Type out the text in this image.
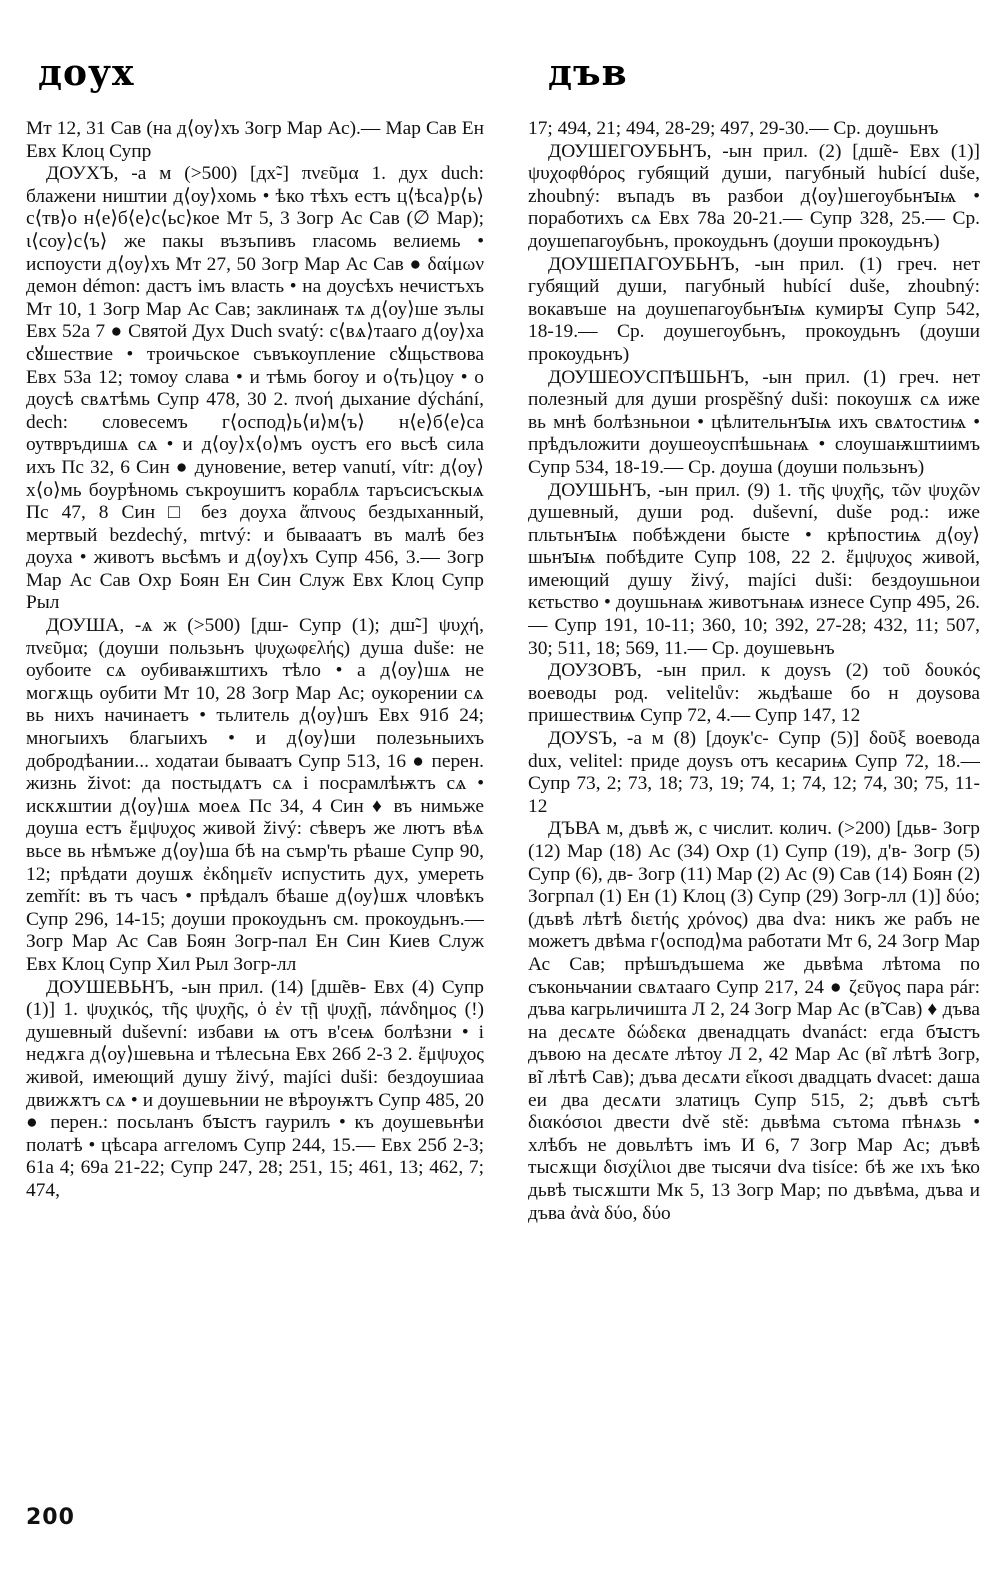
доух	дъв

Мт 12, 31 Сав (на д⟨оу⟩хъ Зогр Мар Ас).— Мар Сав Ен Евх Клоц Супр

ДОУХЪ, -а м (>500) [дх̃-] πνεῦμα 1. дух duch: блажени ништии д⟨оу⟩хомь • ѣко тѣхъ естъ ц⟨ѣса⟩р⟨ь⟩с⟨тв⟩о н⟨е⟩б⟨е⟩с⟨ьс⟩кое Мт 5, 3 Зогр Ас Сав (∅ Мар); ι⟨соу⟩с⟨ъ⟩ же пакы възъпивъ гласомь велиемь • испоусти д⟨оу⟩хъ Мт 27, 50 Зогр Мар Ас Сав ● δαίμων демон démon: дастъ імъ власть • на доусѣхъ нечистъхъ Мт 10, 1 Зогр Мар Ас Сав; заклинаѭ тѧ д⟨оу⟩ше зълы Евх 52а 7 ● Святой Дух Duch svatý: с⟨вѧ⟩тааго д⟨оу⟩ха сꙋшествие • троичьское съвъкоупление сꙋщьствова Евх 53а 12; томоу слава • и тѣмь богоу и о⟨ть⟩цоу • о доусѣ свѧтѣмь Супр 478, 30 2. πνοή дыхание dýchání, dech: словесемъ г⟨оспод⟩ь⟨и⟩м⟨ъ⟩ н⟨е⟩б⟨е⟩са оутвръдишѧ сѧ • и д⟨оу⟩х⟨о⟩мъ оустъ его вьсѣ сила ихъ Пс 32, 6 Син ● дуновение, ветер vanutí, vítr: д⟨оу⟩х⟨о⟩мь боурѣномь съкроушитъ кораблѧ таръсисъскыѧ Пс 47, 8 Син □ без доуха ἄπνους бездыханный, мертвый bezdechý, mrtvý: и бывааатъ въ малѣ без доуха • животъ вьсѣмъ и д⟨оу⟩хъ Супр 456, 3.— Зогр Мар Ас Сав Охр Боян Ен Син Служ Евх Клоц Супр Рыл

ДОУША, -ѧ ж (>500) [дш- Супр (1); дш̃-] ψυχή, πνεῦμα; (доуши пользьнъ ψυχωφελής) душа duše: не оубоите сѧ оубиваѭштихъ тѣло • а д⟨оу⟩шѧ не могѫщь оубити Мт 10, 28 Зогр Мар Ас; оукорении сѧ вь нихъ начинаетъ • тьлитель д⟨оу⟩шъ Евх 91б 24; многыихъ благыихъ • и д⟨оу⟩ши полезьныихъ добродѣании... ходатаи бываатъ Супр 513, 16 ● перен. жизнь život: да постыдѧтъ сѧ і посрамлѣѭтъ сѧ • искѫштии д⟨оу⟩шѧ моеѧ Пс 34, 4 Син ♦ въ нимьже доуша естъ ἔμψυχος живой živý: сѣверъ же лютъ вѣѧ вьсе вь нѣмъже д⟨оу⟩ша бѣ на съмр'ть рѣаше Супр 90, 12; прѣдати доушѫ ἐκδημεῖν испустить дух, умереть zemřít: въ тъ часъ • прѣдалъ бѣаше д⟨оу⟩шѫ чловѣкъ Супр 296, 14-15; доуши прокоудьнъ см. прокоудьнъ.— Зогр Мар Ас Сав Боян Зогр-пал Ен Син Киев Служ Евх Клоц Супр Хил Рыл Зогр-лл

ДОУШЕВЬНЪ, -ын прил. (14) [дш̃ев- Евх (4) Супр (1)] 1. ψυχικός, τῆς ψυχῆς, ὁ ἐν τῇ ψυχῇ, πάνδημος (!) душевный duševní: избави ѩ отъ в'сеѩ болѣзни • і недѫга д⟨оу⟩шевьна и тѣлесьна Евх 26б 2-3 2. ἔμψυχος живой, имеющий душу živý, majíci duši: бездоушиаа движѫтъ сѧ • и доушевьнии не вѣроуѭтъ Супр 485, 20 ● перен.: посьланъ бꙑстъ гаурилъ • къ доушевьнѣи полатѣ • цѣсара аггеломъ Супр 244, 15.— Евх 25б 2-3; 61а 4; 69а 21-22; Супр 247, 28; 251, 15; 461, 13; 462, 7; 474,

17; 494, 21; 494, 28-29; 497, 29-30.— Ср. доушьнъ

ДОУШЕГОУБЬНЪ, -ын прил. (2) [дш̃е- Евх (1)] ψυχοφθόρος губящий души, пагубный hubící duše, zhoubný: въпадъ въ разбои д⟨оу⟩шегоубьнꙑѩ • поработихъ сѧ Евх 78а 20-21.— Супр 328, 25.— Ср. доушепагоубьнъ, прокоудьнъ (доуши прокоудьнъ)

ДОУШЕПАГОУБЬНЪ, -ын прил. (1) греч. нет губящий души, пагубный hubící duše, zhoubný: вокавъше на доушепагоубьнꙑѩ кумирꙑ Супр 542, 18-19.— Ср. доушегоубьнъ, прокоудьнъ (доуши прокоудьнъ)

ДОУШЕОУСПѢШЬНЪ, -ын прил. (1) греч. нет полезный для души prospěšný duši: покоушѫ сѧ иже вь мнѣ болѣзньнои • цѣлительнꙑѩ ихъ свѧтостиѩ • прѣдъложити доушеоуспѣшьнаѩ • слоушаѭштиимъ Супр 534, 18-19.— Ср. доуша (доуши пользьнъ)

ДОУШЬНЪ, -ын прил. (9) 1. τῆς ψυχῆς, τῶν ψυχῶν душевный, души род. duševní, duše род.: иже пльтьнꙑѩ побѣждени бысте • крѣпостиѩ д⟨оу⟩шьнꙑѩ побѣдите Супр 108, 22 2. ἔμψυχος живой, имеющий душу živý, majíci duši: бездоушьнои кєтьство • доушьнаѩ животънаѩ изнесе Супр 495, 26.— Супр 191, 10-11; 360, 10; 392, 27-28; 432, 11; 507, 30; 511, 18; 569, 11.— Ср. доушевьнъ

ДОУЗОВЪ, -ын прил. к доуѕъ (2) τοῦ δουκός воеводы род. velitelův: жьдѣаше бо н доуѕова пришествиѩ Супр 72, 4.— Супр 147, 12

ДОУЅЪ, -а м (8) [доук'с- Супр (5)] δοῦξ воевода dux, velitel: приде доуѕъ отъ кесариѩ Супр 72, 18.— Супр 73, 2; 73, 18; 73, 19; 74, 1; 74, 12; 74, 30; 75, 11-12

ДЪВА м, дъвѣ ж, с числит. колич. (>200) [дьв- Зогр (12) Мар (18) Ас (34) Охр (1) Супр (19), д'в- Зогр (5) Супр (6), дв- Зогр (11) Мар (2) Ас (9) Сав (14) Боян (2) Зогрпал (1) Ен (1) Клоц (3) Супр (29) Зогр-лл (1)] δύο; (дъвѣ лѣтѣ διετής χρόνος) два dva: никъ же рабъ не можетъ двѣма г⟨оспод⟩ма работати Мт 6, 24 Зогр Мар Ас Сав; прѣшъдъшема же дьвѣма лѣтома по съконьчании свѧтааго Супр 217, 24 ● ζεῦγος пара pár: дъва кагрьличишта Л 2, 24 Зогр Мар Ас (в̃ Сав) ♦ дъва на десѧте δώδεκα двенадцать dvanáct: егда бꙑстъ дъвою на десѧте лѣтоу Л 2, 42 Мар Ас (в̃ı лѣтѣ Зогр, в̃ı лѣтѣ Сав); дъва десѧти εἴκοσι двадцать dvacet: даша еи два десѧти златицъ Супр 515, 2; дъвѣ сътѣ διακόσιοι двести dvě stě: дьвѣма сътома пѣнѧзь • хлѣбъ не довьлѣтъ імъ И 6, 7 Зогр Мар Ас; дъвѣ тысѫщи δισχίλιοι две тысячи dva tisíce: бѣ же ıхъ ѣко дьвѣ тысѫшти Мк 5, 13 Зогр Мар; по дъвѣма, дъва и дъва ἀνὰ δύο, δύο

200
